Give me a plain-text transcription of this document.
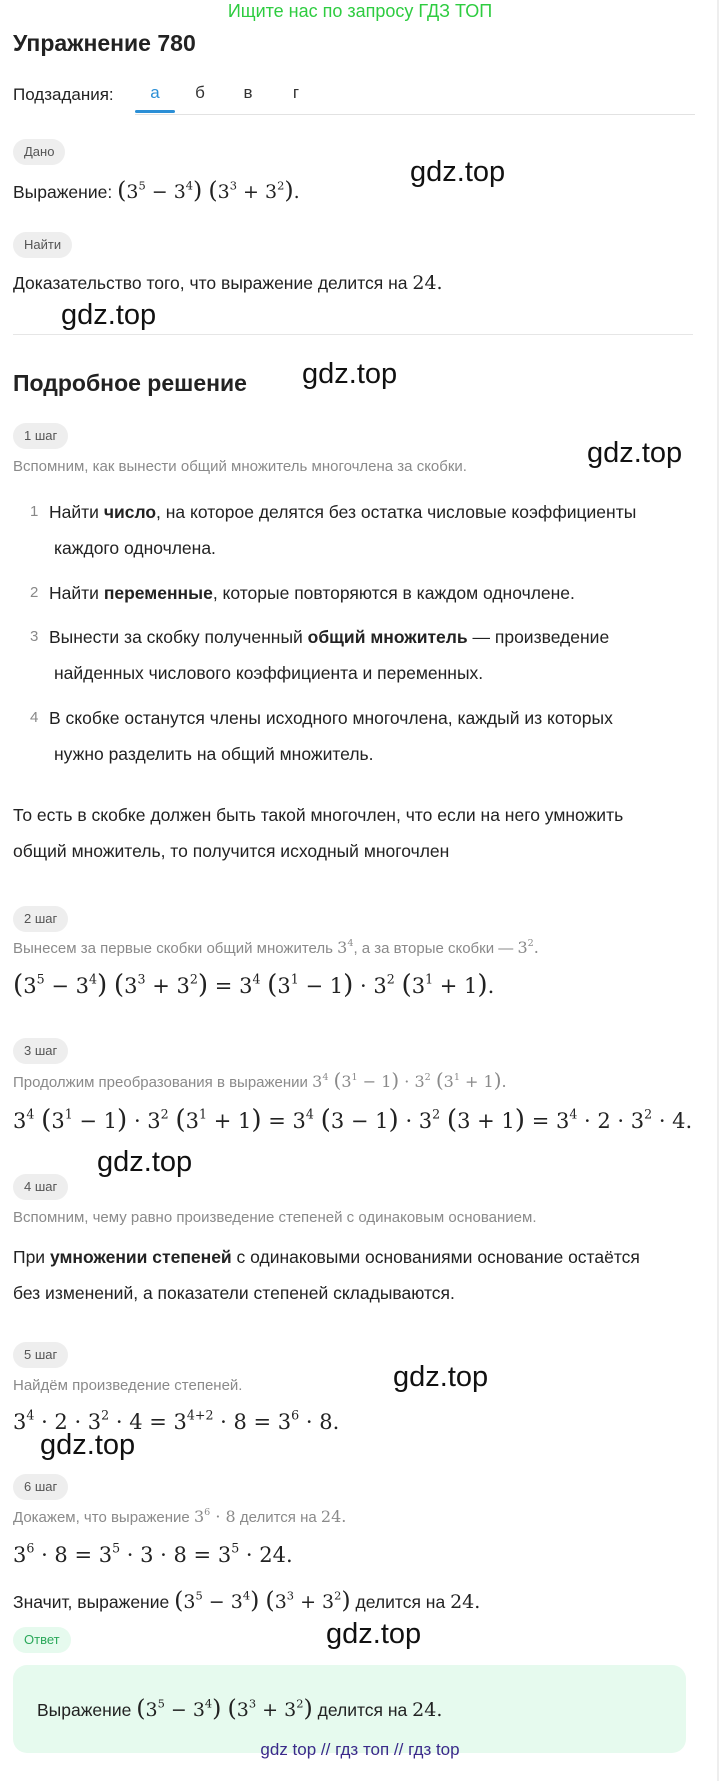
Ищите нас по запросу ГДЗ ТОП
Упражнение 780
Подзадания:	а	б	в	г
Дано
Выражение: $(3^5 - 3^4) (3^3 + 3^2)$.
Найти
Доказательство того, что выражение делится на 24.
Подробное решение
1 шаг
Вспомним, как вынести общий множитель многочлена за скобки.
1 Найти число, на которое делятся без остатка числовые коэффициенты
каждого одночлена.
2 Найти переменные, которые повторяются в каждом одночлене.
3 Вынести за скобку полученный общий множитель — произведение
найденных числового коэффициента и переменных.
4 В скобке останутся члены исходного многочлена, каждый из которых
нужно разделить на общий множитель.
То есть в скобке должен быть такой многочлен, что если на него умножить
общий множитель, то получится исходный многочлен
2 шаг
Вынесем за первые скобки общий множитель $3^4$, а за вторые скобки — $3^2$.
$(3^5 - 3^4) (3^3 + 3^2) = 3^4$ $(3^1 - 1) \cdot 3^2$ $(3^1 + 1)$.
3 шаг
Продолжим преобразования в выражении $3^4$ $(3^1 - 1) \cdot 3^2$ $(3^1 + 1)$.
$3^4$ $(3^1 - 1) \cdot 3^2$ $(3^1 + 1) = 3^4$ $(3 - 1) \cdot 3^2$ $(3 + 1) = 3^4 \cdot 2 \cdot 3^2 \cdot 4$.
4 шаг
Вспомним, чему равно произведение степеней с одинаковым основанием.
При умножении степеней с одинаковыми основаниями основание остаётся
без изменений, а показатели степеней складываются.
5 шаг
Найдём произведение степеней.
$3^4 \cdot 2 \cdot 3^2 \cdot 4 = 3^{4+2} \cdot 8 = 3^6 \cdot 8$.
6 шаг
Докажем, что выражение $3^6 \cdot 8$ делится на 24.
$3^6 \cdot 8 = 3^5 \cdot 3 \cdot 8 = 3^5 \cdot 24$.
Значит, выражение $(3^5 - 3^4) (3^3 + 3^2)$ делится на 24.
Ответ
Выражение $(3^5 - 3^4) (3^3 + 3^2)$ делится на 24.
gdz.top
gdz.top
gdz.top
gdz.top
gdz.top
gdz.top
gdz.top
gdz.top
gdz top // гдз топ // гдз top
